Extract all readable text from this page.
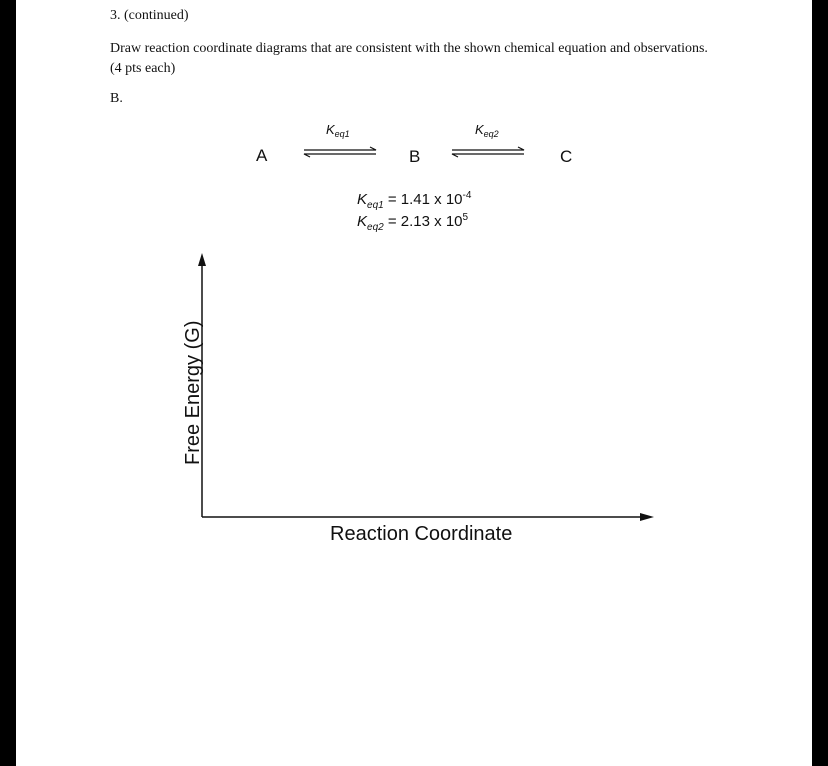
3. (continued)
Draw reaction coordinate diagrams that are consistent with the shown chemical equation and observations.
(4 pts each)
B.
A	B	C
$K_{eq1}$	$K_{eq2}$
$K_{eq1} = 1.41$ x $10^{-4}$
$K_{eq2} = 2.13$ x $10^5$
Free Energy (G)
Reaction Coordinate
